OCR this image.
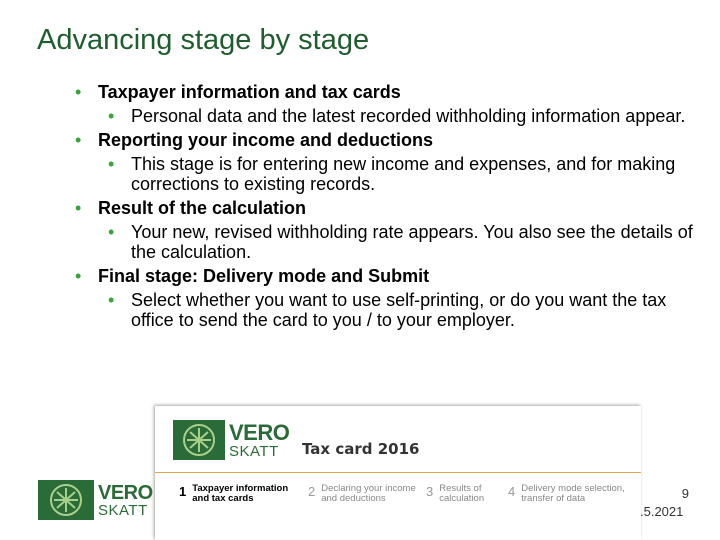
Advancing stage by stage
• Taxpayer information and tax cards
• Personal data and the latest recorded withholding information appear.
• Reporting your income and deductions
• This stage is for entering new income and expenses, and for making corrections to existing records.
• Result of the calculation
• Your new, revised withholding rate appears. You also see the details of the calculation.
• Final stage: Delivery mode and Submit
• Select whether you want to use self-printing, or do you want the tax office to send the card to you / to your employer.
VERO
SKATT	Tax card 2016
1 Taxpayer information
and tax cards	2 Declaring your income
and deductions	3 Results of
calculation 4 Delivery mode selection,
transfer of data
VERO
SKATT
9
.5.2021
